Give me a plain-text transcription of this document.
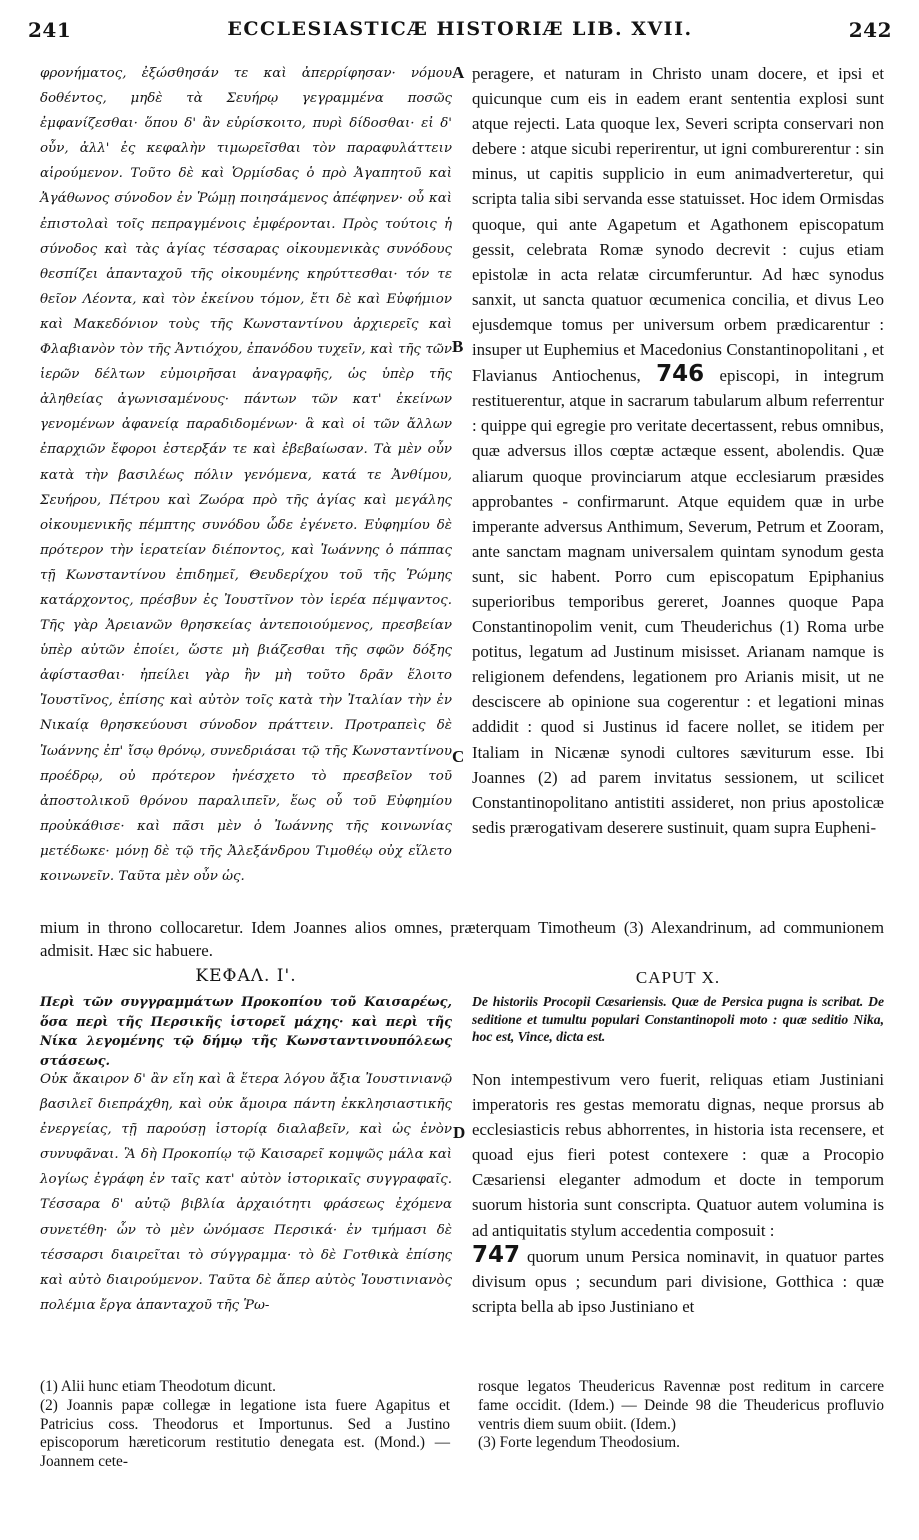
241	ECCLESIASTICÆ HISTORIÆ LIB. XVII.	242

φρονήματος, ἐξώσθησάν τε καὶ ἀπερρίφησαν· νόμου δοθέντος, μηδὲ τὰ Σευήρῳ γεγραμμένα ποσῶς ἐμφανίζεσθαι· ὅπου δ' ἂν εὑρίσκοιτο, πυρὶ δίδοσθαι· εἰ δ' οὖν, ἀλλ' ἐς κεφαλὴν τιμωρεῖσθαι τὸν παραφυλάττειν αἱρούμενον. Τοῦτο δὲ καὶ Ὁρμίσδας ὁ πρὸ Ἀγαπητοῦ καὶ Ἀγάθωνος σύνοδον ἐν Ῥώμῃ ποιησάμενος ἀπέφηνεν· οὗ καὶ ἐπιστολαὶ τοῖς πεπραγμένοις ἐμφέρονται. Πρὸς τούτοις ἡ σύνοδος καὶ τὰς ἁγίας τέσσαρας οἰκουμενικὰς συνόδους θεσπίζει ἁπανταχοῦ τῆς οἰκουμένης κηρύττεσθαι· τόν τε θεῖον Λέοντα, καὶ τὸν ἐκείνου τόμον, ἔτι δὲ καὶ Εὐφήμιον καὶ Μακεδόνιον τοὺς τῆς Κωνσταντίνου ἀρχιερεῖς καὶ Φλαβιανὸν τὸν τῆς Ἀντιόχου, ἐπανόδου τυχεῖν, καὶ τῆς τῶν ἱερῶν δέλτων εὐμοιρῆσαι ἀναγραφῆς, ὡς ὑπὲρ τῆς ἀληθείας ἀγωνισαμένους· πάντων τῶν κατ' ἐκείνων γενομένων ἀφανείᾳ παραδιδομένων· ἃ καὶ οἱ τῶν ἄλλων ἐπαρχιῶν ἔφοροι ἐστερξάν τε καὶ ἐβεβαίωσαν. Τὰ μὲν οὖν κατὰ τὴν βασιλέως πόλιν γενόμενα, κατά τε Ἀνθίμου, Σευήρου, Πέτρου καὶ Ζωόρα πρὸ τῆς ἁγίας καὶ μεγάλης οἰκουμενικῆς πέμπτης συνόδου ὧδε ἐγένετο. Εὐφημίου δὲ πρότερον τὴν ἱερατείαν διέποντος, καὶ Ἰωάννης ὁ πάππας τῇ Κωνσταντίνου ἐπιδημεῖ, Θευδερίχου τοῦ τῆς Ῥώμης κατάρχοντος, πρέσβυν ἐς Ἰουστῖνον τὸν ἱερέα πέμψαντος. Τῆς γὰρ Ἀρειανῶν θρησκείας ἀντεποιούμενος, πρεσβείαν ὑπὲρ αὐτῶν ἐποίει, ὥστε μὴ βιάζεσθαι τῆς σφῶν δόξης ἀφίστασθαι· ἠπείλει γὰρ ἢν μὴ τοῦτο δρᾶν ἕλοιτο Ἰουστῖνος, ἐπίσης καὶ αὐτὸν τοῖς κατὰ τὴν Ἰταλίαν τὴν ἐν Νικαίᾳ θρησκεύουσι σύνοδον πράττειν. Προτραπεὶς δὲ Ἰωάννης ἐπ' ἴσῳ θρόνῳ, συνεδριάσαι τῷ τῆς Κωνσταντίνου προέδρῳ, οὐ πρότερον ἠνέσχετο τὸ πρεσβεῖον τοῦ ἀποστολικοῦ θρόνου παραλιπεῖν, ἕως οὗ τοῦ Εὐφημίου προὐκάθισε· καὶ πᾶσι μὲν ὁ Ἰωάννης τῆς κοινωνίας μετέδωκε· μόνῃ δὲ τῷ τῆς Ἀλεξάνδρου Τιμοθέῳ οὐχ εἵλετο κοινωνεῖν. Ταῦτα μὲν οὖν ὡς.

peragere, et naturam in Christo unam docere, et ipsi et quicunque cum eis in eadem erant sententia explosi sunt atque rejecti. Lata quoque lex, Severi scripta conservari non debere : atque sicubi reperirentur, ut igni comburerentur : sin minus, ut capitis supplicio in eum animadverteretur, qui scripta talia sibi servanda esse statuisset. Hoc idem Ormisdas quoque, qui ante Agapetum et Agathonem episcopatum gessit, celebrata Romæ synodo decrevit : cujus etiam epistolæ in acta relatæ circumferuntur. Ad hæc synodus sanxit, ut sancta quatuor œcumenica concilia, et divus Leo ejusdemque tomus per universum orbem prædicarentur : insuper ut Euphemius et Macedonius Constantinopolitani , et Flavianus Antiochenus, 746 episcopi, in integrum restituerentur, atque in sacrarum tabularum album referrentur : quippe qui egregie pro veritate decertassent, rebus omnibus, quæ adversus illos cœptæ actæque essent, abolendis. Quæ aliarum quoque provinciarum atque ecclesiarum præsides approbantes - confirmarunt. Atque equidem quæ in urbe imperante adversus Anthimum, Severum, Petrum et Zooram, ante sanctam magnam universalem quintam synodum gesta sunt, sic habent. Porro cum episcopatum Epiphanius superioribus temporibus gereret, Joannes quoque Papa Constantinopolim venit, cum Theuderichus (1) Roma urbe potitus, legatum ad Justinum misisset. Arianam namque is religionem defendens, legationem pro Arianis misit, ut ne desciscere ab opinione sua cogerentur : et legationi minas addidit : quod si Justinus id facere nollet, se itidem per Italiam in Nicænæ synodi cultores sæviturum esse. Ibi Joannes (2) ad parem invitatus sessionem, ut scilicet Constantinopolitano antistiti assideret, non prius apostolicæ sedis prærogativam deserere sustinuit, quam supra Eupheni-

A
B
C
D

mium in throno collocaretur. Idem Joannes alios omnes, præterquam Timotheum (3) Alexandrinum, ad communionem admisit. Hæc sic habuere.

ΚΕΦΑΛ. Ι'.	CAPUT X.

Περὶ τῶν συγγραμμάτων Προκοπίου τοῦ Καισαρέως, ὅσα περὶ τῆς Περσικῆς ἱστορεῖ μάχης· καὶ περὶ τῆς Νίκα λεγομένης τῷ δήμῳ τῆς Κωνσταντινουπόλεως στάσεως.

De historiis Procopii Cæsariensis. Quæ de Persica pugna is scribat. De seditione et tumultu populari Constantinopoli moto : quæ seditio Nika, hoc est, Vince, dicta est.

Οὐκ ἄκαιρον δ' ἂν εἴη καὶ ἃ ἕτερα λόγου ἄξια Ἰουστινιανῷ βασιλεῖ διεπράχθη, καὶ οὐκ ἄμοιρα πάντη ἐκκλησιαστικῆς ἐνεργείας, τῇ παρούσῃ ἱστορίᾳ διαλαβεῖν, καὶ ὡς ἐνὸν συνυφᾶναι. Ἃ δὴ Προκοπίῳ τῷ Καισαρεῖ κομψῶς μάλα καὶ λογίως ἐγράφη ἐν ταῖς κατ' αὐτὸν ἱστορικαῖς συγγραφαῖς. Τέσσαρα δ' αὐτῷ βιβλία ἀρχαιότητι φράσεως ἐχόμενα συνετέθη· ὧν τὸ μὲν ὠνόμασε Περσικά· ἐν τμήμασι δὲ τέσσαρσι διαιρεῖται τὸ σύγγραμμα· τὸ δὲ Γοτθικὰ ἐπίσης καὶ αὐτὸ διαιρούμενον. Ταῦτα δὲ ἅπερ αὐτὸς Ἰουστινιανὸς πολέμια ἔργα ἁπανταχοῦ τῆς Ῥω-

Non intempestivum vero fuerit, reliquas etiam Justiniani imperatoris res gestas memoratu dignas, neque prorsus ab ecclesiasticis rebus abhorrentes, in historia ista recensere, et quoad ejus fieri potest contexere : quæ a Procopio Cæsariensi eleganter admodum et docte in temporum suorum historia sunt conscripta. Quatuor autem volumina is ad antiquitatis stylum accedentia composuit :
747 quorum unum Persica nominavit, in quatuor partes divisum opus ; secundum pari divisione, Gotthica : quæ scripta bella ab ipso Justiniano et

(1) Alii hunc etiam Theodotum dicunt.
(2) Joannis papæ collegæ in legatione ista fuere Agapitus et Patricius coss. Theodorus et Importunus. Sed a Justino episcoporum hæreticorum restitutio denegata est. (Mond.) — Joannem cete-
rosque legatos Theudericus Ravennæ post reditum in carcere fame occidit. (Idem.) — Deinde 98 die Theudericus profluvio ventris diem suum obiit. (Idem.)
(3) Forte legendum Theodosium.
